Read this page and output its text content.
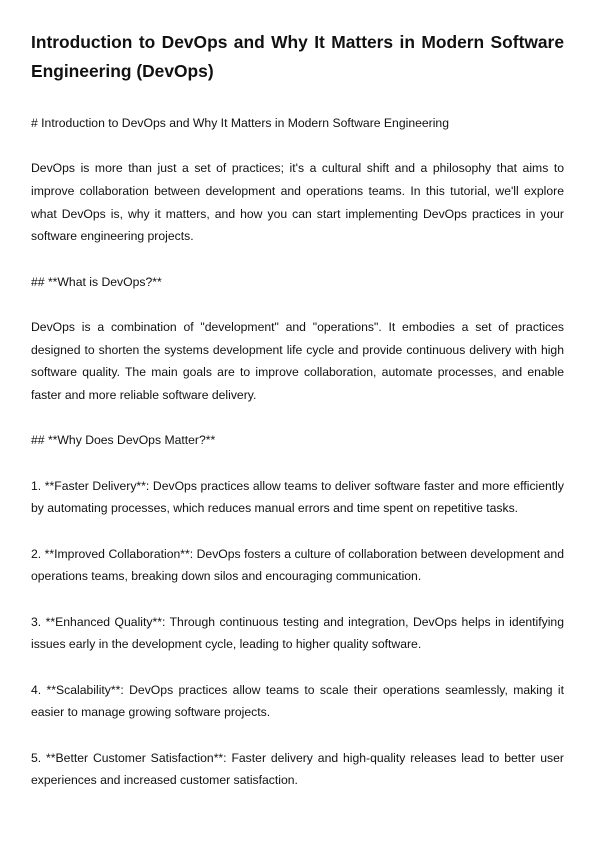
Introduction to DevOps and Why It Matters in Modern Software Engineering (DevOps)

# Introduction to DevOps and Why It Matters in Modern Software Engineering

DevOps is more than just a set of practices; it's a cultural shift and a philosophy that aims to improve collaboration between development and operations teams. In this tutorial, we'll explore what DevOps is, why it matters, and how you can start implementing DevOps practices in your software engineering projects.

## **What is DevOps?**

DevOps is a combination of "development" and "operations". It embodies a set of practices designed to shorten the systems development life cycle and provide continuous delivery with high software quality. The main goals are to improve collaboration, automate processes, and enable faster and more reliable software delivery.

## **Why Does DevOps Matter?**

1. **Faster Delivery**: DevOps practices allow teams to deliver software faster and more efficiently by automating processes, which reduces manual errors and time spent on repetitive tasks.

2. **Improved Collaboration**: DevOps fosters a culture of collaboration between development and operations teams, breaking down silos and encouraging communication.

3. **Enhanced Quality**: Through continuous testing and integration, DevOps helps in identifying issues early in the development cycle, leading to higher quality software.

4. **Scalability**: DevOps practices allow teams to scale their operations seamlessly, making it easier to manage growing software projects.

5. **Better Customer Satisfaction**: Faster delivery and high-quality releases lead to better user experiences and increased customer satisfaction.
